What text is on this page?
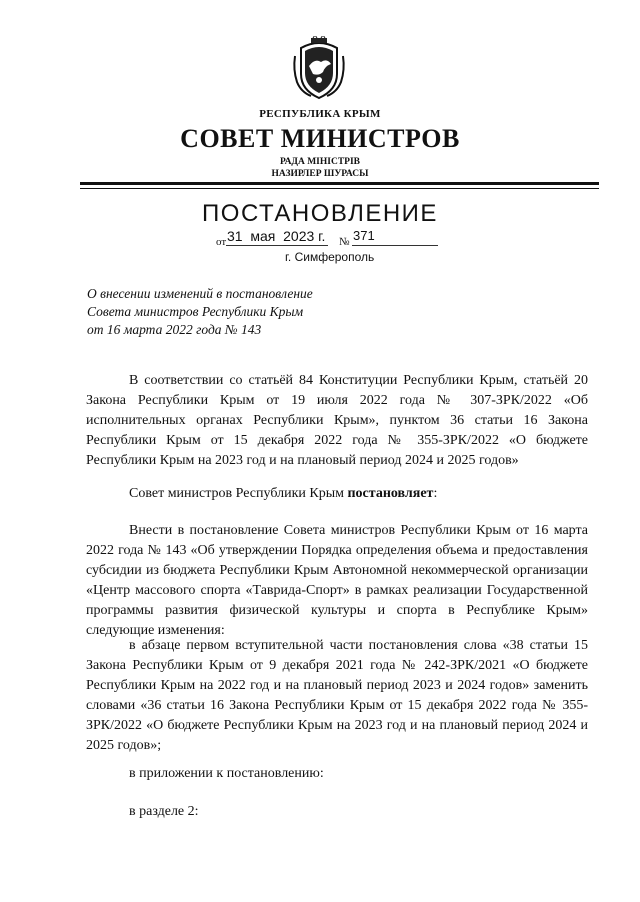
РЕСПУБЛИКА КРЫМ
СОВЕТ МИНИСТРОВ
РАДА МІНІСТРІВ
НАЗИРЛЕР ШУРАСЫ
ПОСТАНОВЛЕНИЕ
от 31  мая  2023 г. № 371
г. Симферополь
О внесении изменений в постановление
Совета министров Республики Крым
от 16 марта 2022 года № 143

В соответствии со статьёй 84 Конституции Республики Крым, статьёй 20 Закона Республики Крым от 19 июля 2022 года № 307-ЗРК/2022 «Об исполнительных органах Республики Крым», пунктом 36 статьи 16 Закона Республики Крым от 15 декабря 2022 года № 355-ЗРК/2022 «О бюджете Республики Крым на 2023 год и на плановый период 2024 и 2025 годов»

Совет министров Республики Крым постановляет:

Внести в постановление Совета министров Республики Крым от 16 марта 2022 года № 143 «Об утверждении Порядка определения объема и предоставления субсидии из бюджета Республики Крым Автономной некоммерческой организации «Центр массового спорта «Таврида-Спорт» в рамках реализации Государственной программы развития физической культуры и спорта в Республике Крым» следующие изменения:

в абзаце первом вступительной части постановления слова «38 статьи 15 Закона Республики Крым от 9 декабря 2021 года № 242-ЗРК/2021 «О бюджете Республики Крым на 2022 год и на плановый период 2023 и 2024 годов» заменить словами «36 статьи 16 Закона Республики Крым от 15 декабря 2022 года № 355-ЗРК/2022 «О бюджете Республики Крым на 2023 год и на плановый период 2024 и 2025 годов»;

в приложении к постановлению:

в разделе 2:
